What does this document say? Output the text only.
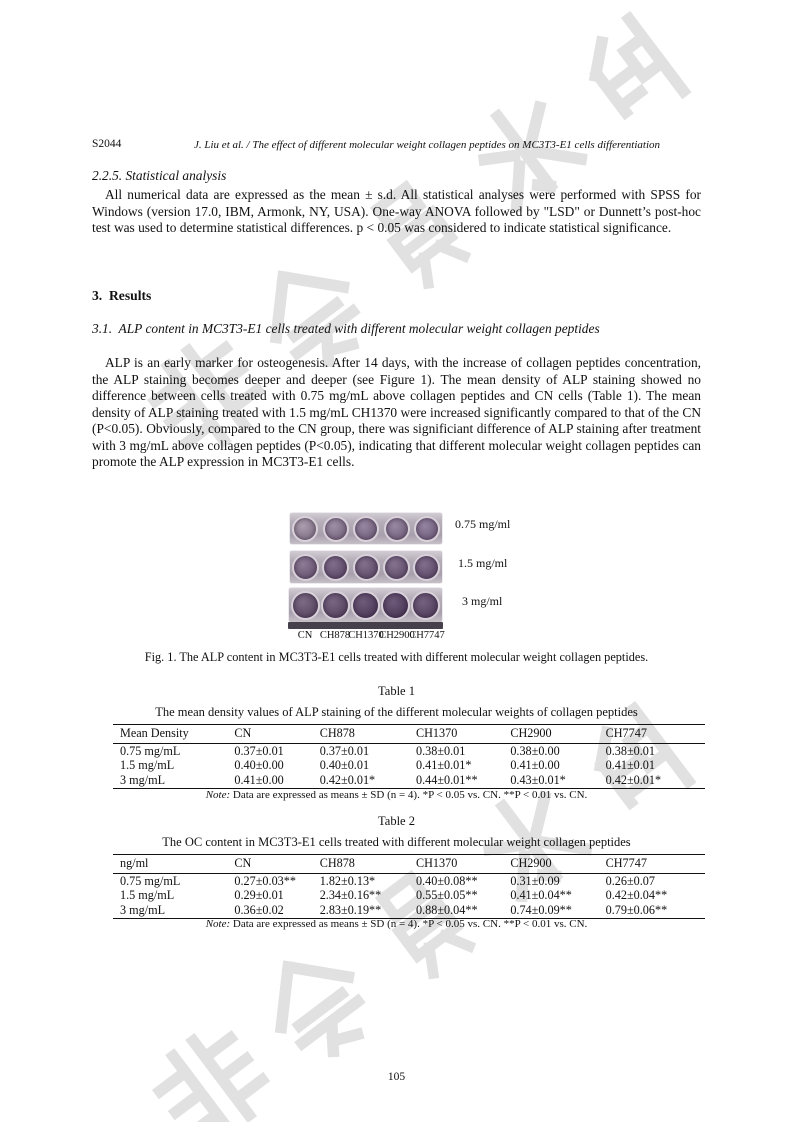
S2044	J. Liu et al. / The effect of different molecular weight collagen peptides on MC3T3-E1 cells differentiation
2.2.5. Statistical analysis
All numerical data are expressed as the mean ± s.d. All statistical analyses were performed with SPSS for Windows (version 17.0, IBM, Armonk, NY, USA). One-way ANOVA followed by "LSD" or Dunnett’s post-hoc test was used to determine statistical differences. p < 0.05 was considered to indicate statistical significance.
3.  Results
3.1.  ALP content in MC3T3-E1 cells treated with different molecular weight collagen peptides
ALP is an early marker for osteogenesis. After 14 days, with the increase of collagen peptides concentration, the ALP staining becomes deeper and deeper (see Figure 1). The mean density of ALP staining showed no difference between cells treated with 0.75 mg/mL above collagen peptides and CN cells (Table 1). The mean density of ALP staining treated with 1.5 mg/mL CH1370 were increased significantly compared to that of the CN (P<0.05). Obviously, compared to the CN group, there was significiant difference of ALP staining after treatment with 3 mg/mL above collagen peptides (P<0.05), indicating that different molecular weight collagen peptides can promote the ALP expression in MC3T3-E1 cells.
0.75 mg/ml
1.5 mg/ml
3 mg/ml
CN CH878
CH1370
CH2900
CH7747
Fig. 1. The ALP content in MC3T3-E1 cells treated with different molecular weight collagen peptides.
Table 1
The mean density values of ALP staining of the different molecular weights of collagen peptides
Mean Density	CN	CH878	CH1370	CH2900	CH7747
0.75 mg/mL	0.37±0.01	0.37±0.01	0.38±0.01	0.38±0.00	0.38±0.01
1.5 mg/mL	0.40±0.00	0.40±0.01	0.41±0.01*	0.41±0.00	0.41±0.01
3 mg/mL	0.41±0.00	0.42±0.01*	0.44±0.01**	0.43±0.01*	0.42±0.01*
Note: Data are expressed as means ± SD (n = 4). *P < 0.05 vs. CN. **P < 0.01 vs. CN.
Table 2
The OC content in MC3T3-E1 cells treated with different molecular weight collagen peptides
ng/ml	CN	CH878	CH1370	CH2900	CH7747
0.75 mg/mL	0.27±0.03**	1.82±0.13*	0.40±0.08**	0.31±0.09	0.26±0.07
1.5 mg/mL	0.29±0.01	2.34±0.16**	0.55±0.05**	0.41±0.04**	0.42±0.04**
3 mg/mL	0.36±0.02	2.83±0.19**	0.88±0.04**	0.74±0.09**	0.79±0.06**
Note: Data are expressed as means ± SD (n = 4). *P < 0.05 vs. CN. **P < 0.01 vs. CN.
105
